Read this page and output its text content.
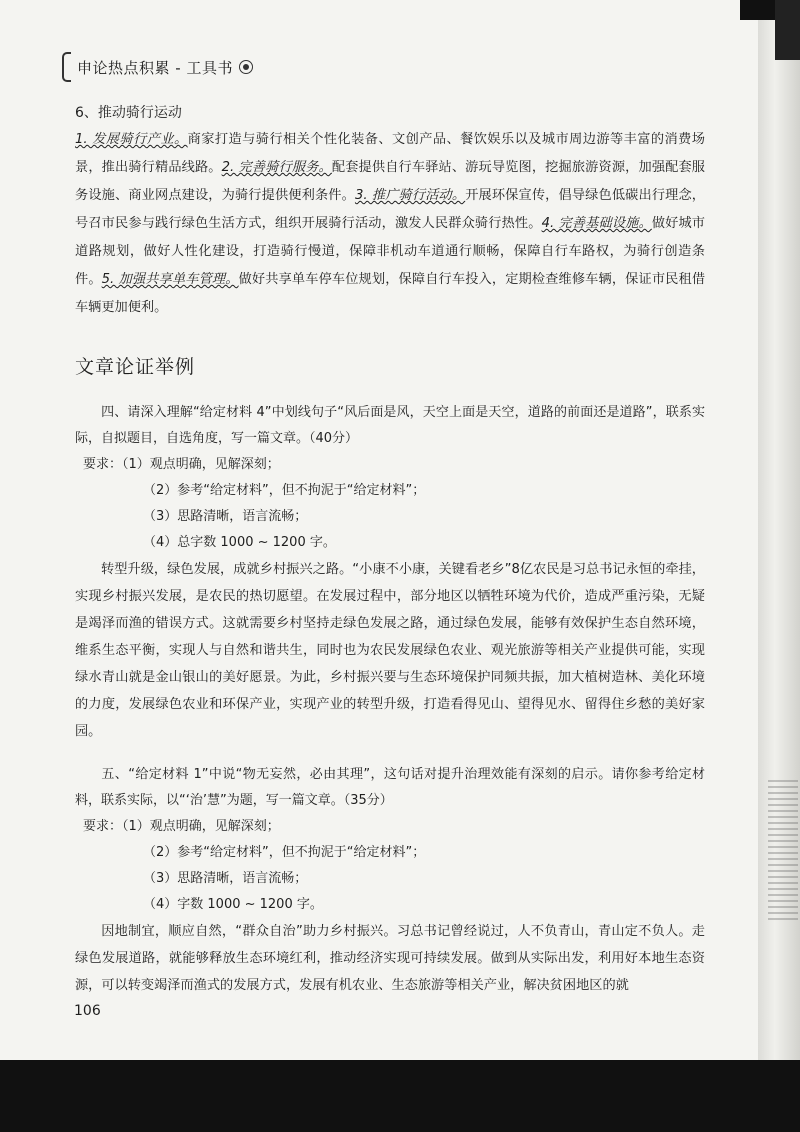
申论热点积累 - 工具书
6、推动骑行运动
1. 发展骑行产业。商家打造与骑行相关个性化装备、文创产品、餐饮娱乐以及城市周边游等丰富的消费场景，推出骑行精品线路。2. 完善骑行服务。配套提供自行车驿站、游玩导览图，挖掘旅游资源，加强配套服务设施、商业网点建设，为骑行提供便利条件。3. 推广骑行活动。开展环保宣传，倡导绿色低碳出行理念，号召市民参与践行绿色生活方式，组织开展骑行活动，激发人民群众骑行热性。4. 完善基础设施。做好城市道路规划，做好人性化建设，打造骑行慢道，保障非机动车道通行顺畅，保障自行车路权，为骑行创造条件。5. 加强共享单车管理。做好共享单车停车位规划，保障自行车投入，定期检查维修车辆，保证市民租借车辆更加便利。
文章论证举例
四、请深入理解“给定材料 4”中划线句子“风后面是风，天空上面是天空，道路的前面还是道路”，联系实际，自拟题目，自选角度，写一篇文章。（40分）
要求：（1）观点明确，见解深刻；
（2）参考“给定材料”，但不拘泥于“给定材料”；
（3）思路清晰，语言流畅；
（4）总字数 1000 ~ 1200 字。
转型升级，绿色发展，成就乡村振兴之路。“小康不小康，关键看老乡”8亿农民是习总书记永恒的牵挂，实现乡村振兴发展，是农民的热切愿望。在发展过程中，部分地区以牺牲环境为代价，造成严重污染，无疑是竭泽而渔的错误方式。这就需要乡村坚持走绿色发展之路，通过绿色发展，能够有效保护生态自然环境，维系生态平衡，实现人与自然和谐共生，同时也为农民发展绿色农业、观光旅游等相关产业提供可能，实现绿水青山就是金山银山的美好愿景。为此，乡村振兴要与生态环境保护同频共振，加大植树造林、美化环境的力度，发展绿色农业和环保产业，实现产业的转型升级，打造看得见山、望得见水、留得住乡愁的美好家园。
五、“给定材料 1”中说“物无妄然，必由其理”，这句话对提升治理效能有深刻的启示。请你参考给定材料，联系实际，以“‘治’慧”为题，写一篇文章。（35分）
要求：（1）观点明确，见解深刻；
（2）参考“给定材料”，但不拘泥于“给定材料”；
（3）思路清晰，语言流畅；
（4）字数 1000 ~ 1200 字。
因地制宜，顺应自然，“群众自治”助力乡村振兴。习总书记曾经说过，人不负青山，青山定不负人。走绿色发展道路，就能够释放生态环境红利，推动经济实现可持续发展。做到从实际出发，利用好本地生态资源，可以转变竭泽而渔式的发展方式，发展有机农业、生态旅游等相关产业，解决贫困地区的就
106
